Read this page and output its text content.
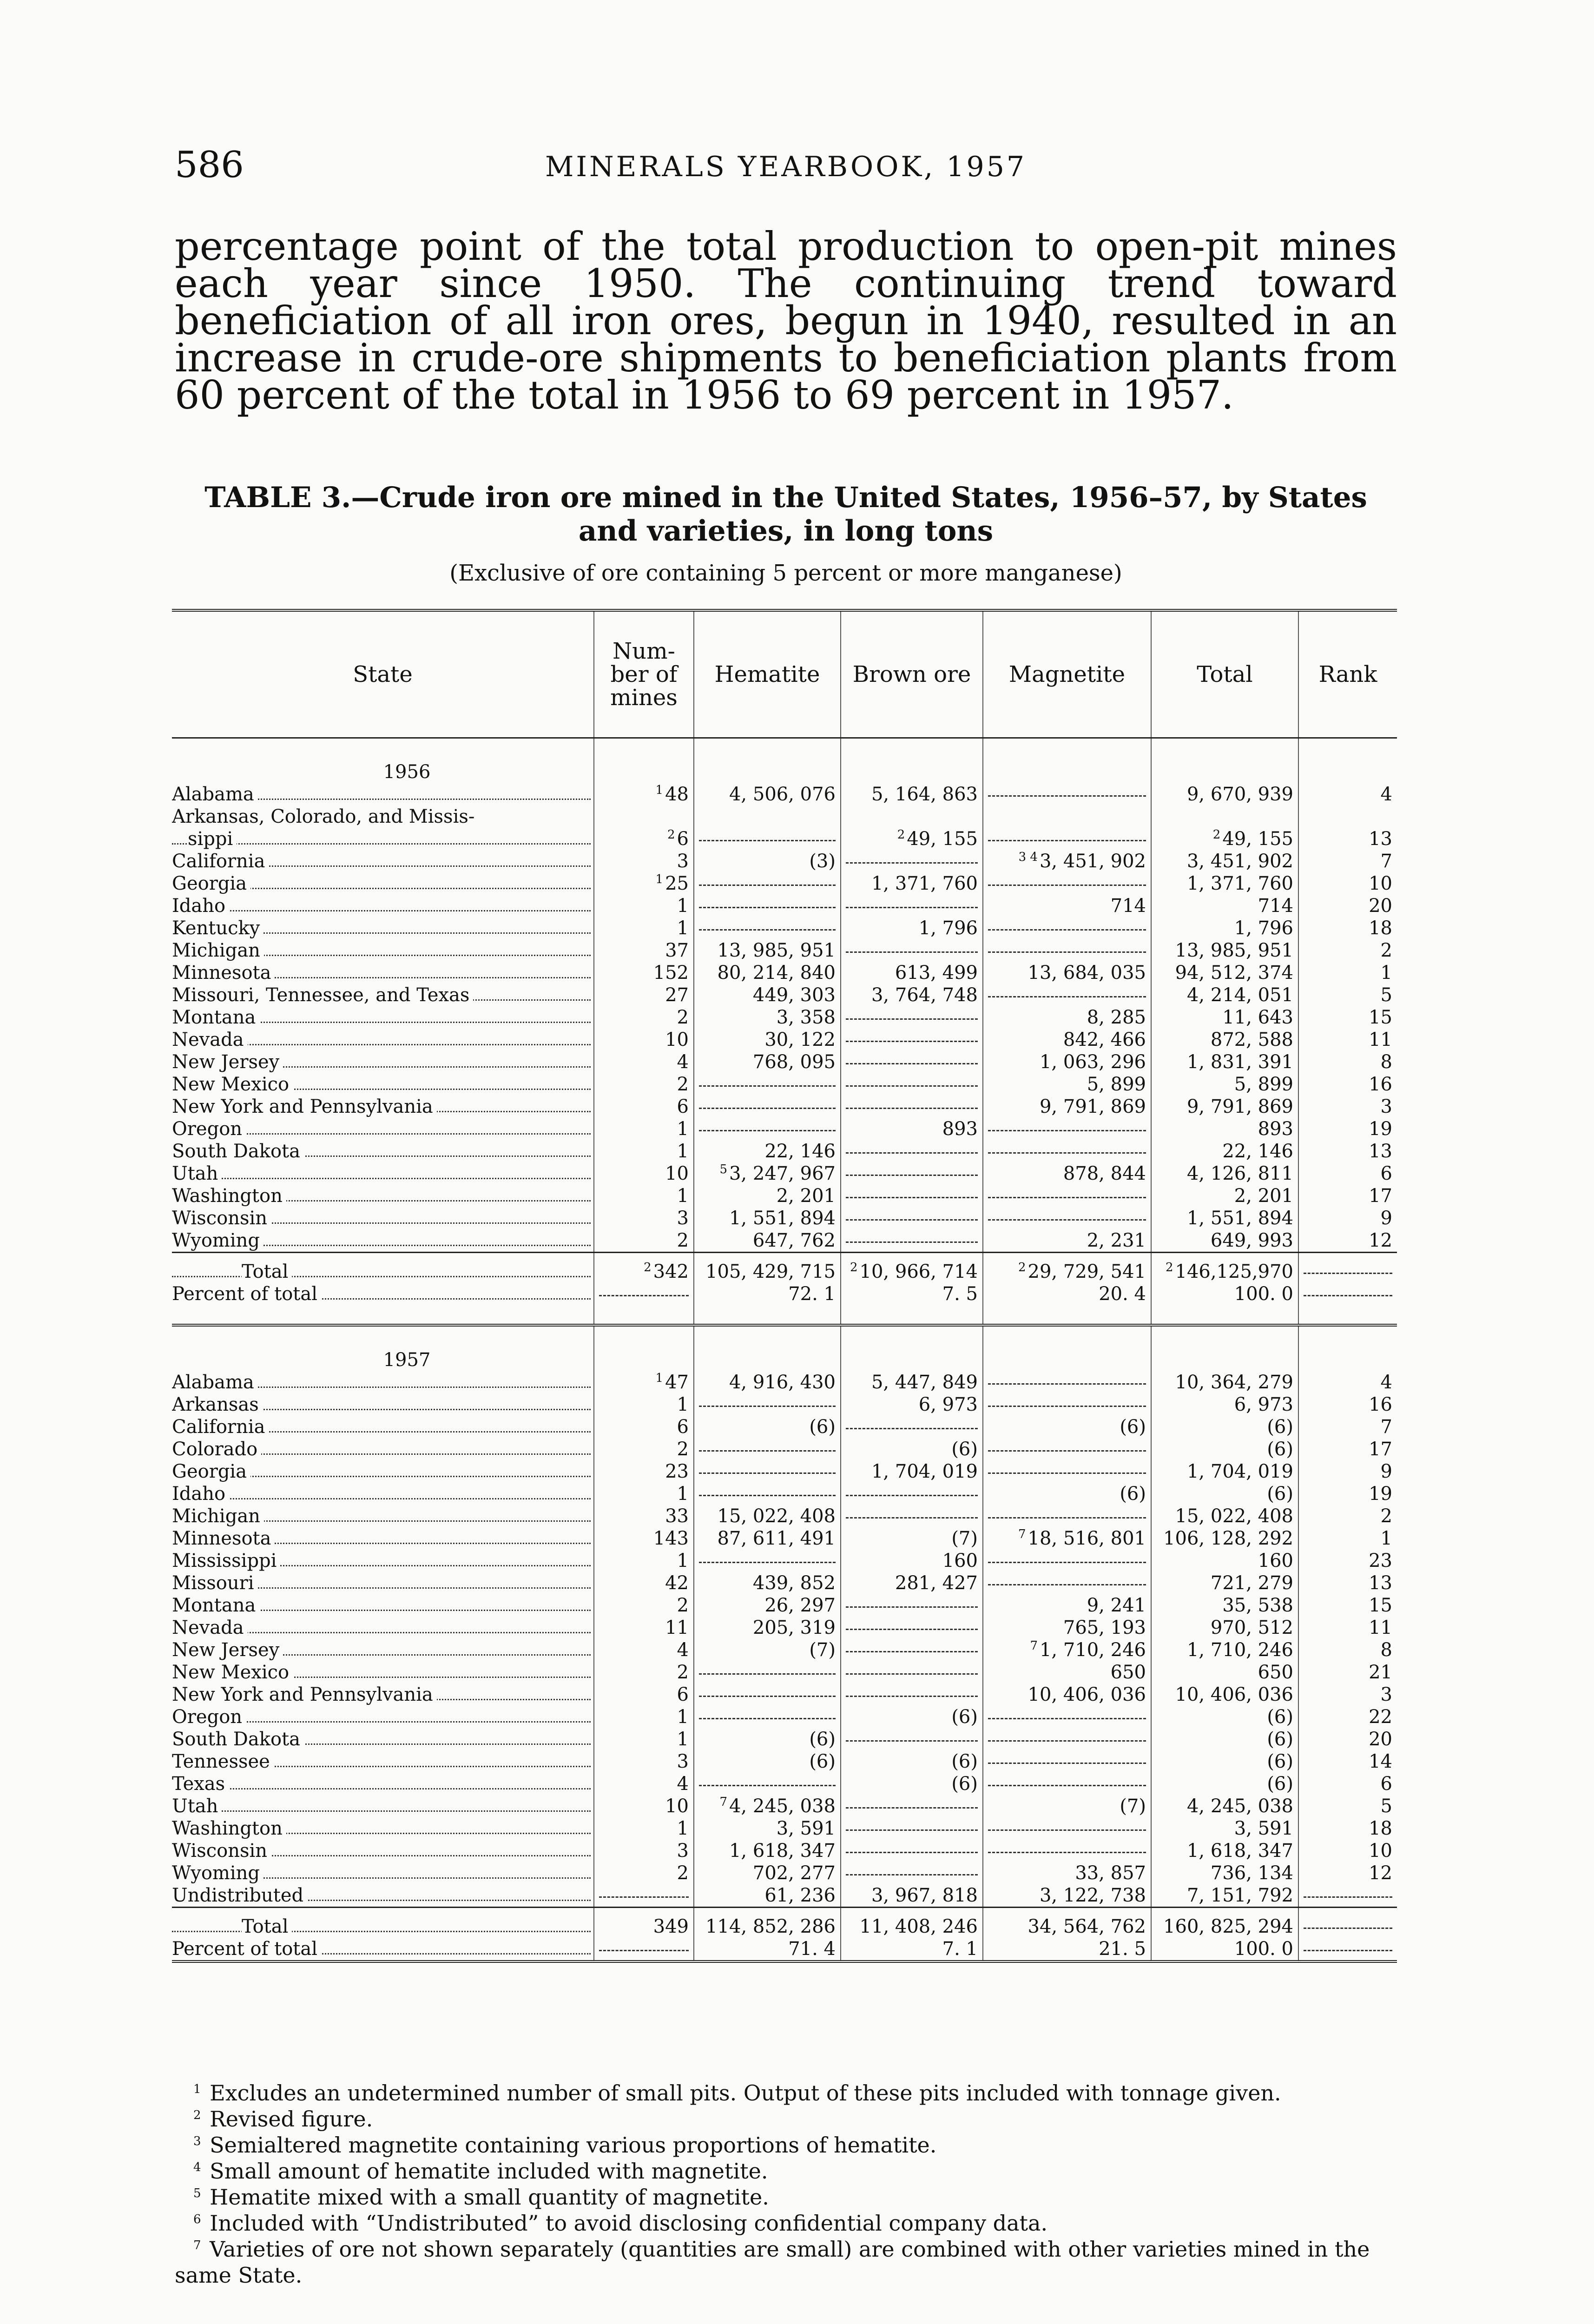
586	MINERALS YEARBOOK, 1957
percentage point of the total production to open-pit mines each year since 1950. The continuing trend toward beneficiation of all iron ores, begun in 1940, resulted in an increase in crude-ore shipments to beneficiation plants from 60 percent of the total in 1956 to 69 percent in 1957.
TABLE 3.—Crude iron ore mined in the United States, 1956–57, by States and varieties, in long tons
(Exclusive of ore containing 5 percent or more manganese)
State	Num- ber of mines	Hematite	Brown ore	Magnetite	Total	Rank
1956						
Alabama	$^1$ 48	4, 506, 076	5, 164, 863		9, 670, 939	4
Arkansas, Colorado, and Missis-						
sippi	$^2$ 6		$^2$ 49, 155		$^2$ 49, 155	13
California	3	(3)		$^{3 4}$ 3, 451, 902	3, 451, 902	7
Georgia	$^1$ 25		1, 371, 760		1, 371, 760	10
Idaho	1			714	714	20
Kentucky	1		1, 796		1, 796	18
Michigan	37	13, 985, 951			13, 985, 951	2
Minnesota	152	80, 214, 840	613, 499	13, 684, 035	94, 512, 374	1
Missouri, Tennessee, and Texas	27	449, 303	3, 764, 748		4, 214, 051	5
Montana	2	3, 358		8, 285	11, 643	15
Nevada	10	30, 122		842, 466	872, 588	11
New Jersey	4	768, 095		1, 063, 296	1, 831, 391	8
New Mexico	2			5, 899	5, 899	16
New York and Pennsylvania	6			9, 791, 869	9, 791, 869	3
Oregon	1		893		893	19
South Dakota	1	22, 146			22, 146	13
Utah	10	$^5$ 3, 247, 967		878, 844	4, 126, 811	6
Washington	1	2, 201			2, 201	17
Wisconsin	3	1, 551, 894			1, 551, 894	9
Wyoming	2	647, 762		2, 231	649, 993	12
Total	$^2$ 342	105, 429, 715	$^2$ 10, 966, 714	$^2$ 29, 729, 541	$^2$ 146,125,970	
Percent of total		72. 1	7. 5	20. 4	100. 0	

1957						
Alabama	$^1$ 47	4, 916, 430	5, 447, 849		10, 364, 279	4
Arkansas	1		6, 973		6, 973	16
California	6	(6)		(6)	(6)	7
Colorado	2		(6)		(6)	17
Georgia	23		1, 704, 019		1, 704, 019	9
Idaho	1			(6)	(6)	19
Michigan	33	15, 022, 408			15, 022, 408	2
Minnesota	143	87, 611, 491	(7)	$^7$ 18, 516, 801	106, 128, 292	1
Mississippi	1		160		160	23
Missouri	42	439, 852	281, 427		721, 279	13
Montana	2	26, 297		9, 241	35, 538	15
Nevada	11	205, 319		765, 193	970, 512	11
New Jersey	4	(7)		$^7$ 1, 710, 246	1, 710, 246	8
New Mexico	2			650	650	21
New York and Pennsylvania	6			10, 406, 036	10, 406, 036	3
Oregon	1		(6)		(6)	22
South Dakota	1	(6)			(6)	20
Tennessee	3	(6)	(6)		(6)	14
Texas	4		(6)		(6)	6
Utah	10	$^7$ 4, 245, 038		(7)	4, 245, 038	5
Washington	1	3, 591			3, 591	18
Wisconsin	3	1, 618, 347			1, 618, 347	10
Wyoming	2	702, 277		33, 857	736, 134	12
Undistributed		61, 236	3, 967, 818	3, 122, 738	7, 151, 792	
Total	349	114, 852, 286	11, 408, 246	34, 564, 762	160, 825, 294	
Percent of total		71. 4	7. 1	21. 5	100. 0	

$^1$ Excludes an undetermined number of small pits. Output of these pits included with tonnage given.

$^2$ Revised figure.

$^3$ Semialtered magnetite containing various proportions of hematite.

$^4$ Small amount of hematite included with magnetite.

$^5$ Hematite mixed with a small quantity of magnetite.

$^6$ Included with “Undistributed” to avoid disclosing confidential company data.

$^7$ Varieties of ore not shown separately (quantities are small) are combined with other varieties mined in the same State.
